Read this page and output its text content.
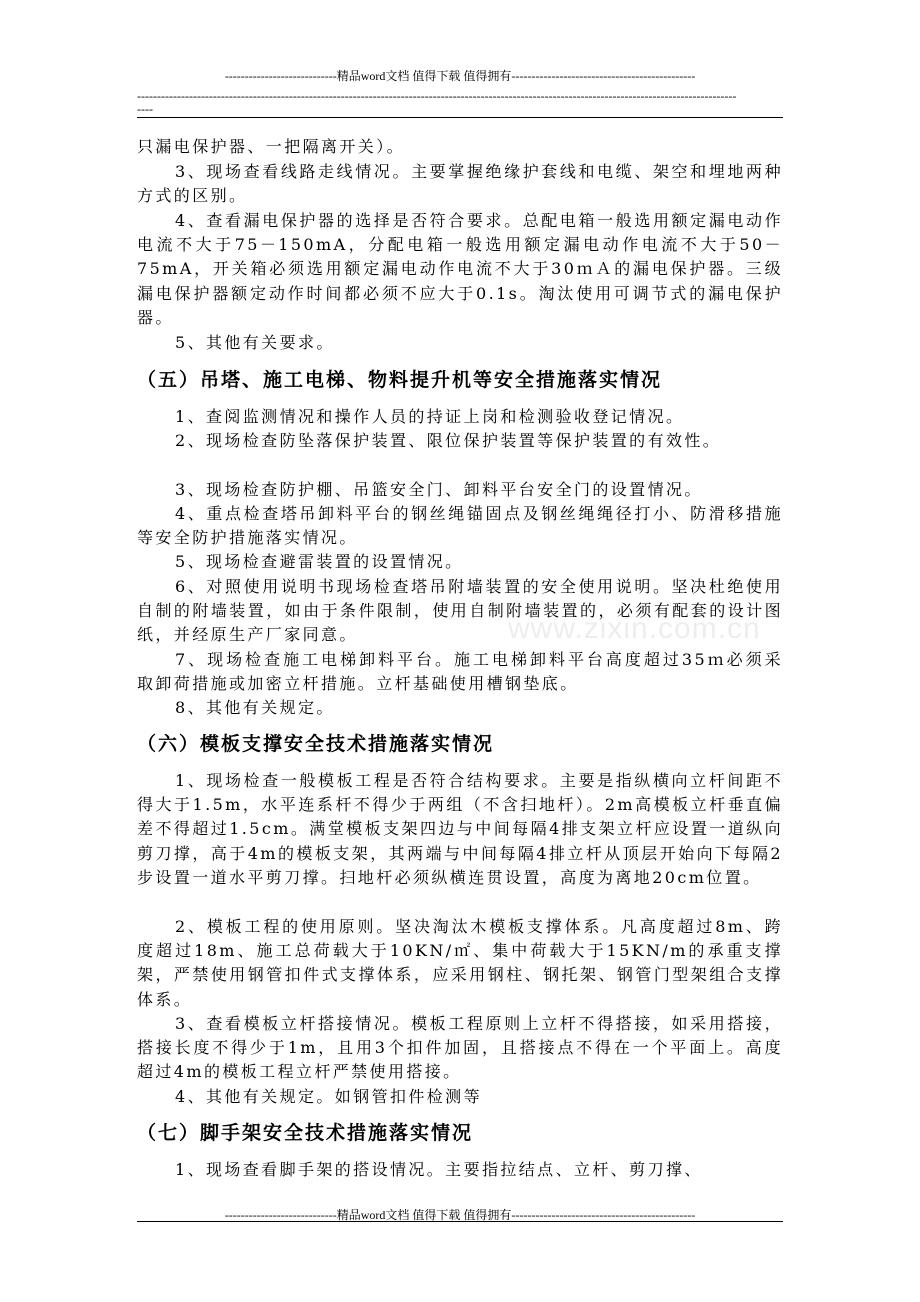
----------------------------精品word文档 值得下载 值得拥有----------------------------------------------
------------------------------------------------------------------------------------------------------------------------------------------------------
----
www.zixin.com.cn

只漏电保护器、一把隔离开关）。

3、现场查看线路走线情况。主要掌握绝缘护套线和电缆、架空和埋地两种方式的区别。

4、查看漏电保护器的选择是否符合要求。总配电箱一般选用额定漏电动作电流不大于75－150mA，分配电箱一般选用额定漏电动作电流不大于50－75mA，开关箱必须选用额定漏电动作电流不大于30ｍＡ的漏电保护器。三级漏电保护器额定动作时间都必须不应大于0.1s。淘汰使用可调节式的漏电保护器。

5、其他有关要求。

（五）吊塔、施工电梯、物料提升机等安全措施落实情况

1、查阅监测情况和操作人员的持证上岗和检测验收登记情况。

2、现场检查防坠落保护装置、限位保护装置等保护装置的有效性。

3、现场检查防护棚、吊篮安全门、卸料平台安全门的设置情况。

4、重点检查塔吊卸料平台的钢丝绳锚固点及钢丝绳绳径打小、防滑移措施等安全防护措施落实情况。

5、现场检查避雷装置的设置情况。

6、对照使用说明书现场检查塔吊附墙装置的安全使用说明。坚决杜绝使用自制的附墙装置，如由于条件限制，使用自制附墙装置的，必须有配套的设计图纸，并经原生产厂家同意。

7、现场检查施工电梯卸料平台。施工电梯卸料平台高度超过35ｍ必须采取卸荷措施或加密立杆措施。立杆基础使用槽钢垫底。

8、其他有关规定。

（六）模板支撑安全技术措施落实情况

1、现场检查一般模板工程是否符合结构要求。主要是指纵横向立杆间距不得大于1.5m，水平连系杆不得少于两组（不含扫地杆）。2m高模板立杆垂直偏差不得超过1.5cm。满堂模板支架四边与中间每隔4排支架立杆应设置一道纵向剪刀撑，高于4m的模板支架，其两端与中间每隔4排立杆从顶层开始向下每隔2步设置一道水平剪刀撑。扫地杆必须纵横连贯设置，高度为离地20cm位置。

2、模板工程的使用原则。坚决淘汰木模板支撑体系。凡高度超过8m、跨度超过18m、施工总荷载大于10KN/㎡、集中荷载大于15KN/m的承重支撑架，严禁使用钢管扣件式支撑体系，应采用钢柱、钢托架、钢管门型架组合支撑体系。

3、查看模板立杆搭接情况。模板工程原则上立杆不得搭接，如采用搭接，搭接长度不得少于1m，且用3个扣件加固，且搭接点不得在一个平面上。高度超过4m的模板工程立杆严禁使用搭接。

4、其他有关规定。如钢管扣件检测等

（七）脚手架安全技术措施落实情况

1、现场查看脚手架的搭设情况。主要指拉结点、立杆、剪刀撑、

----------------------------精品word文档 值得下载 值得拥有----------------------------------------------
